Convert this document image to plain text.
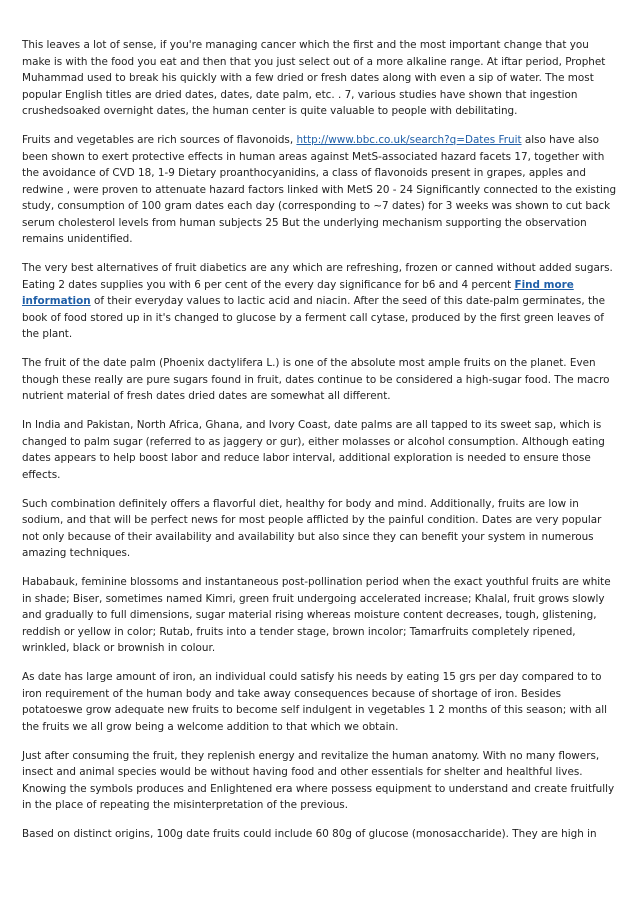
This leaves a lot of sense, if you're managing cancer which the first and the most important change that you make is with the food you eat and then that you just select out of a more alkaline range. At iftar period, Prophet Muhammad used to break his quickly with a few dried or fresh dates along with even a sip of water. The most popular English titles are dried dates, dates, date palm, etc. . 7, various studies have shown that ingestion crushedsoaked overnight dates, the human center is quite valuable to people with debilitating.

Fruits and vegetables are rich sources of flavonoids, http://www.bbc.co.uk/search?q=Dates Fruit also have also been shown to exert protective effects in human areas against MetS-associated hazard facets 17, together with the avoidance of CVD 18, 1-9 Dietary proanthocyanidins, a class of flavonoids present in grapes, apples and redwine , were proven to attenuate hazard factors linked with MetS 20 - 24 Significantly connected to the existing study, consumption of 100 gram dates each day (corresponding to ~7 dates) for 3 weeks was shown to cut back serum cholesterol levels from human subjects 25 But the underlying mechanism supporting the observation remains unidentified.

The very best alternatives of fruit diabetics are any which are refreshing, frozen or canned without added sugars. Eating 2 dates supplies you with 6 per cent of the every day significance for b6 and 4 percent Find more information of their everyday values to lactic acid and niacin. After the seed of this date-palm germinates, the book of food stored up in it's changed to glucose by a ferment call cytase, produced by the first green leaves of the plant.

The fruit of the date palm (Phoenix dactylifera L.) is one of the absolute most ample fruits on the planet. Even though these really are pure sugars found in fruit, dates continue to be considered a high-sugar food. The macro nutrient material of fresh dates dried dates are somewhat all different.

In India and Pakistan, North Africa, Ghana, and Ivory Coast, date palms are all tapped to its sweet sap, which is changed to palm sugar (referred to as jaggery or gur), either molasses or alcohol consumption. Although eating dates appears to help boost labor and reduce labor interval, additional exploration is needed to ensure those effects.

Such combination definitely offers a flavorful diet, healthy for body and mind. Additionally, fruits are low in sodium, and that will be perfect news for most people afflicted by the painful condition. Dates are very popular not only because of their availability and availability but also since they can benefit your system in numerous amazing techniques.

Hababauk, feminine blossoms and instantaneous post-pollination period when the exact youthful fruits are white in shade; Biser, sometimes named Kimri, green fruit undergoing accelerated increase; Khalal, fruit grows slowly and gradually to full dimensions, sugar material rising whereas moisture content decreases, tough, glistening, reddish or yellow in color; Rutab, fruits into a tender stage, brown incolor; Tamarfruits completely ripened, wrinkled, black or brownish in colour.

As date has large amount of iron, an individual could satisfy his needs by eating 15 grs per day compared to to iron requirement of the human body and take away consequences because of shortage of iron. Besides potatoeswe grow adequate new fruits to become self indulgent in vegetables 1 2 months of this season; with all the fruits we all grow being a welcome addition to that which we obtain.

Just after consuming the fruit, they replenish energy and revitalize the human anatomy. With no many flowers, insect and animal species would be without having food and other essentials for shelter and healthful lives. Knowing the symbols produces and Enlightened era where possess equipment to understand and create fruitfully in the place of repeating the misinterpretation of the previous.

Based on distinct origins, 100g date fruits could include 60 80g of glucose (monosaccharide). They are high in
